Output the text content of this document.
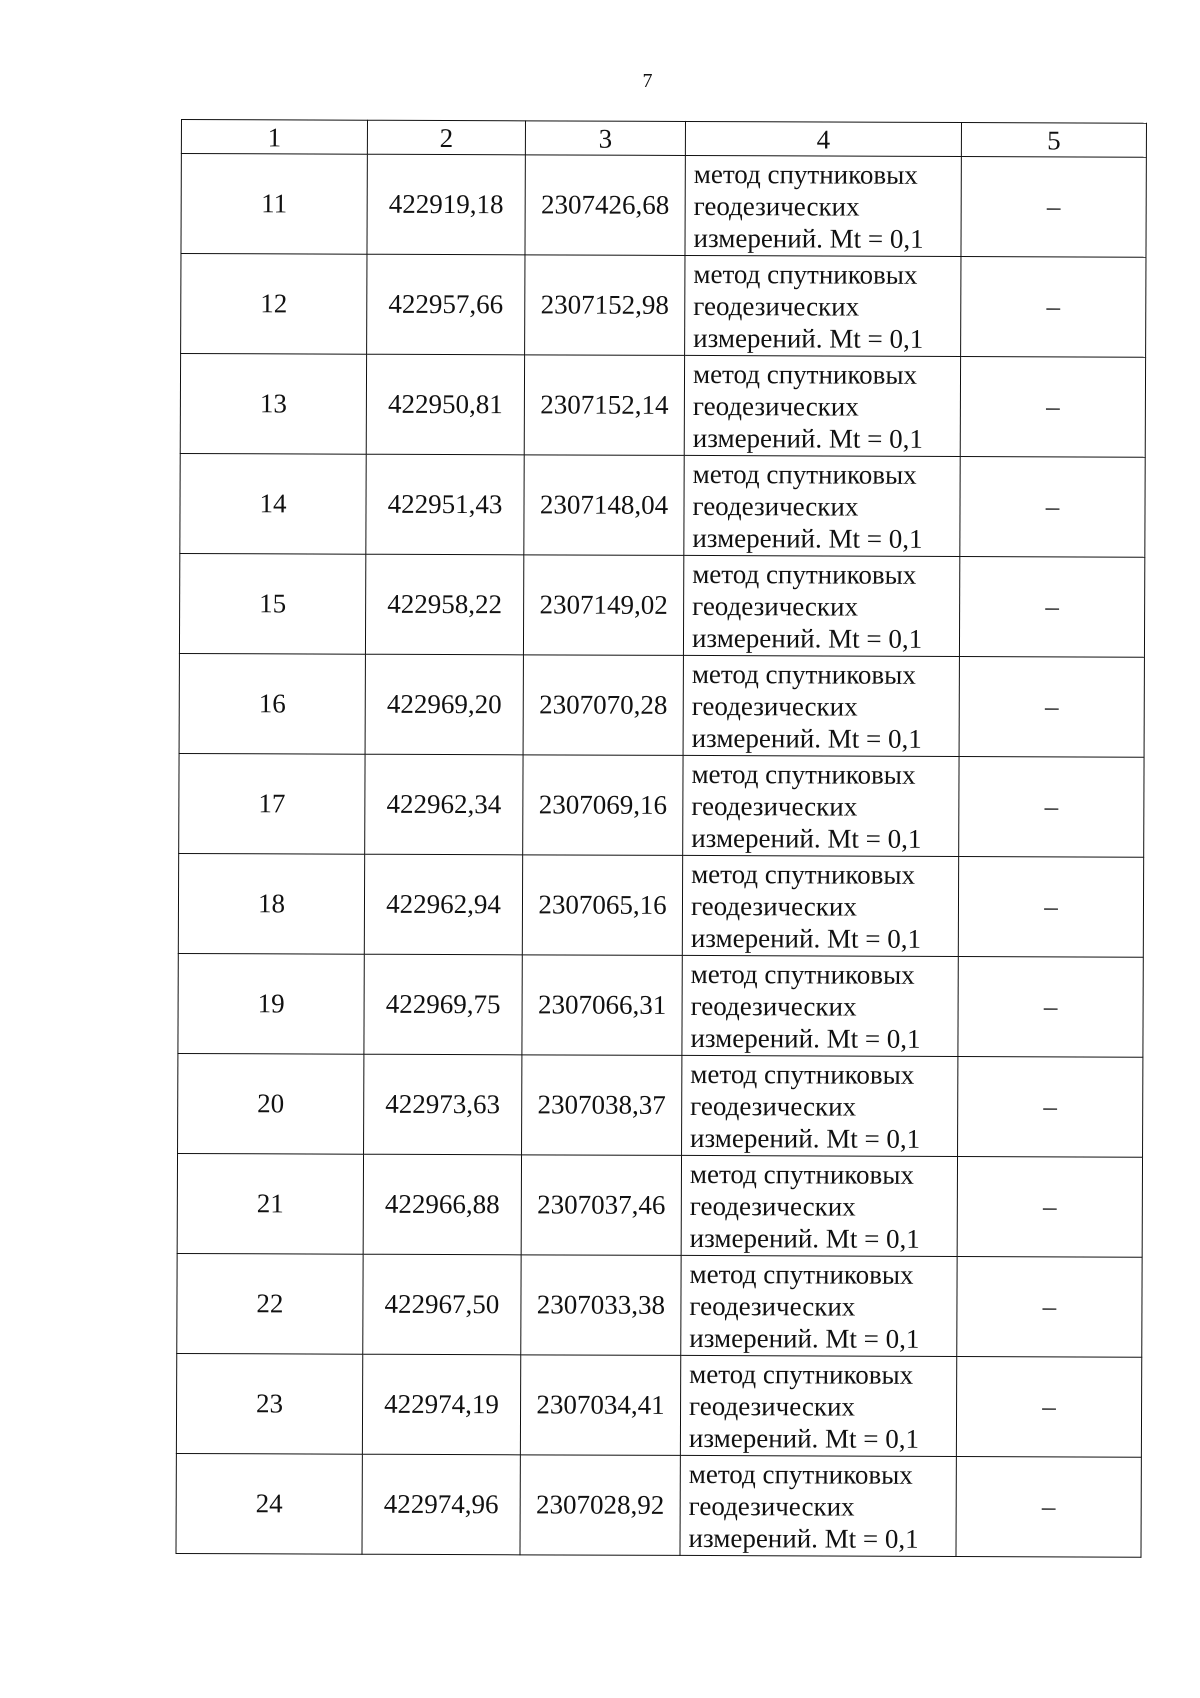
7
1	2	3	4	5
11	422919,18	2307426,68	метод спутниковых
геодезических
измерений. Mt = 0,1	–
12	422957,66	2307152,98	метод спутниковых
геодезических
измерений. Mt = 0,1	–
13	422950,81	2307152,14	метод спутниковых
геодезических
измерений. Mt = 0,1	–
14	422951,43	2307148,04	метод спутниковых
геодезических
измерений. Mt = 0,1	–
15	422958,22	2307149,02	метод спутниковых
геодезических
измерений. Mt = 0,1	–
16	422969,20	2307070,28	метод спутниковых
геодезических
измерений. Mt = 0,1	–
17	422962,34	2307069,16	метод спутниковых
геодезических
измерений. Mt = 0,1	–
18	422962,94	2307065,16	метод спутниковых
геодезических
измерений. Mt = 0,1	–
19	422969,75	2307066,31	метод спутниковых
геодезических
измерений. Mt = 0,1	–
20	422973,63	2307038,37	метод спутниковых
геодезических
измерений. Mt = 0,1	–
21	422966,88	2307037,46	метод спутниковых
геодезических
измерений. Mt = 0,1	–
22	422967,50	2307033,38	метод спутниковых
геодезических
измерений. Mt = 0,1	–
23	422974,19	2307034,41	метод спутниковых
геодезических
измерений. Mt = 0,1	–
24	422974,96	2307028,92	метод спутниковых
геодезических
измерений. Mt = 0,1	–
